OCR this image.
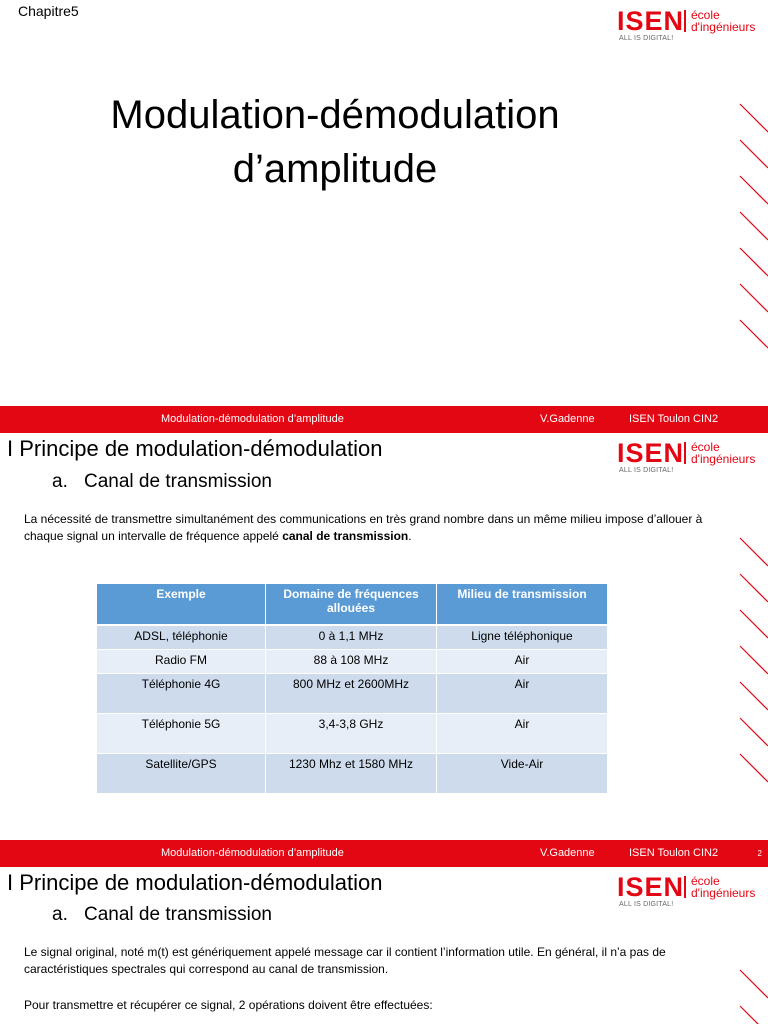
Chapitre5	ISEN école
d'ingénieurs
ALL IS DIGITAL!
Modulation-démodulation
d’amplitude
Modulation-démodulation d’amplitude	V.Gadenne	ISEN Toulon CIN2
I Principe de modulation-démodulation	ISEN école
d'ingénieurs
ALL IS DIGITAL!
a. Canal de transmission
La nécessité de transmettre simultanément des communications en très grand nombre dans un même milieu impose d’allouer à chaque signal un intervalle de fréquence appelé canal de transmission.
Exemple	Domaine de fréquences allouées	Milieu de transmission
ADSL, téléphonie	0 à 1,1 MHz	Ligne téléphonique
Radio FM	88 à 108 MHz	Air
Téléphonie 4G	800 MHz et 2600MHz	Air
Téléphonie 5G	3,4-3,8 GHz	Air
Satellite/GPS	1230 Mhz et 1580 MHz	Vide-Air
Modulation-démodulation d’amplitude	V.Gadenne	ISEN Toulon CIN2	2
I Principe de modulation-démodulation	ISEN école
d'ingénieurs
ALL IS DIGITAL!
a. Canal de transmission
Le signal original, noté m(t) est génériquement appelé message car il contient l’information utile. En général, il n’a pas de caractéristiques spectrales qui correspond au canal de transmission.
Pour transmettre et récupérer ce signal, 2 opérations doivent être effectuées:
